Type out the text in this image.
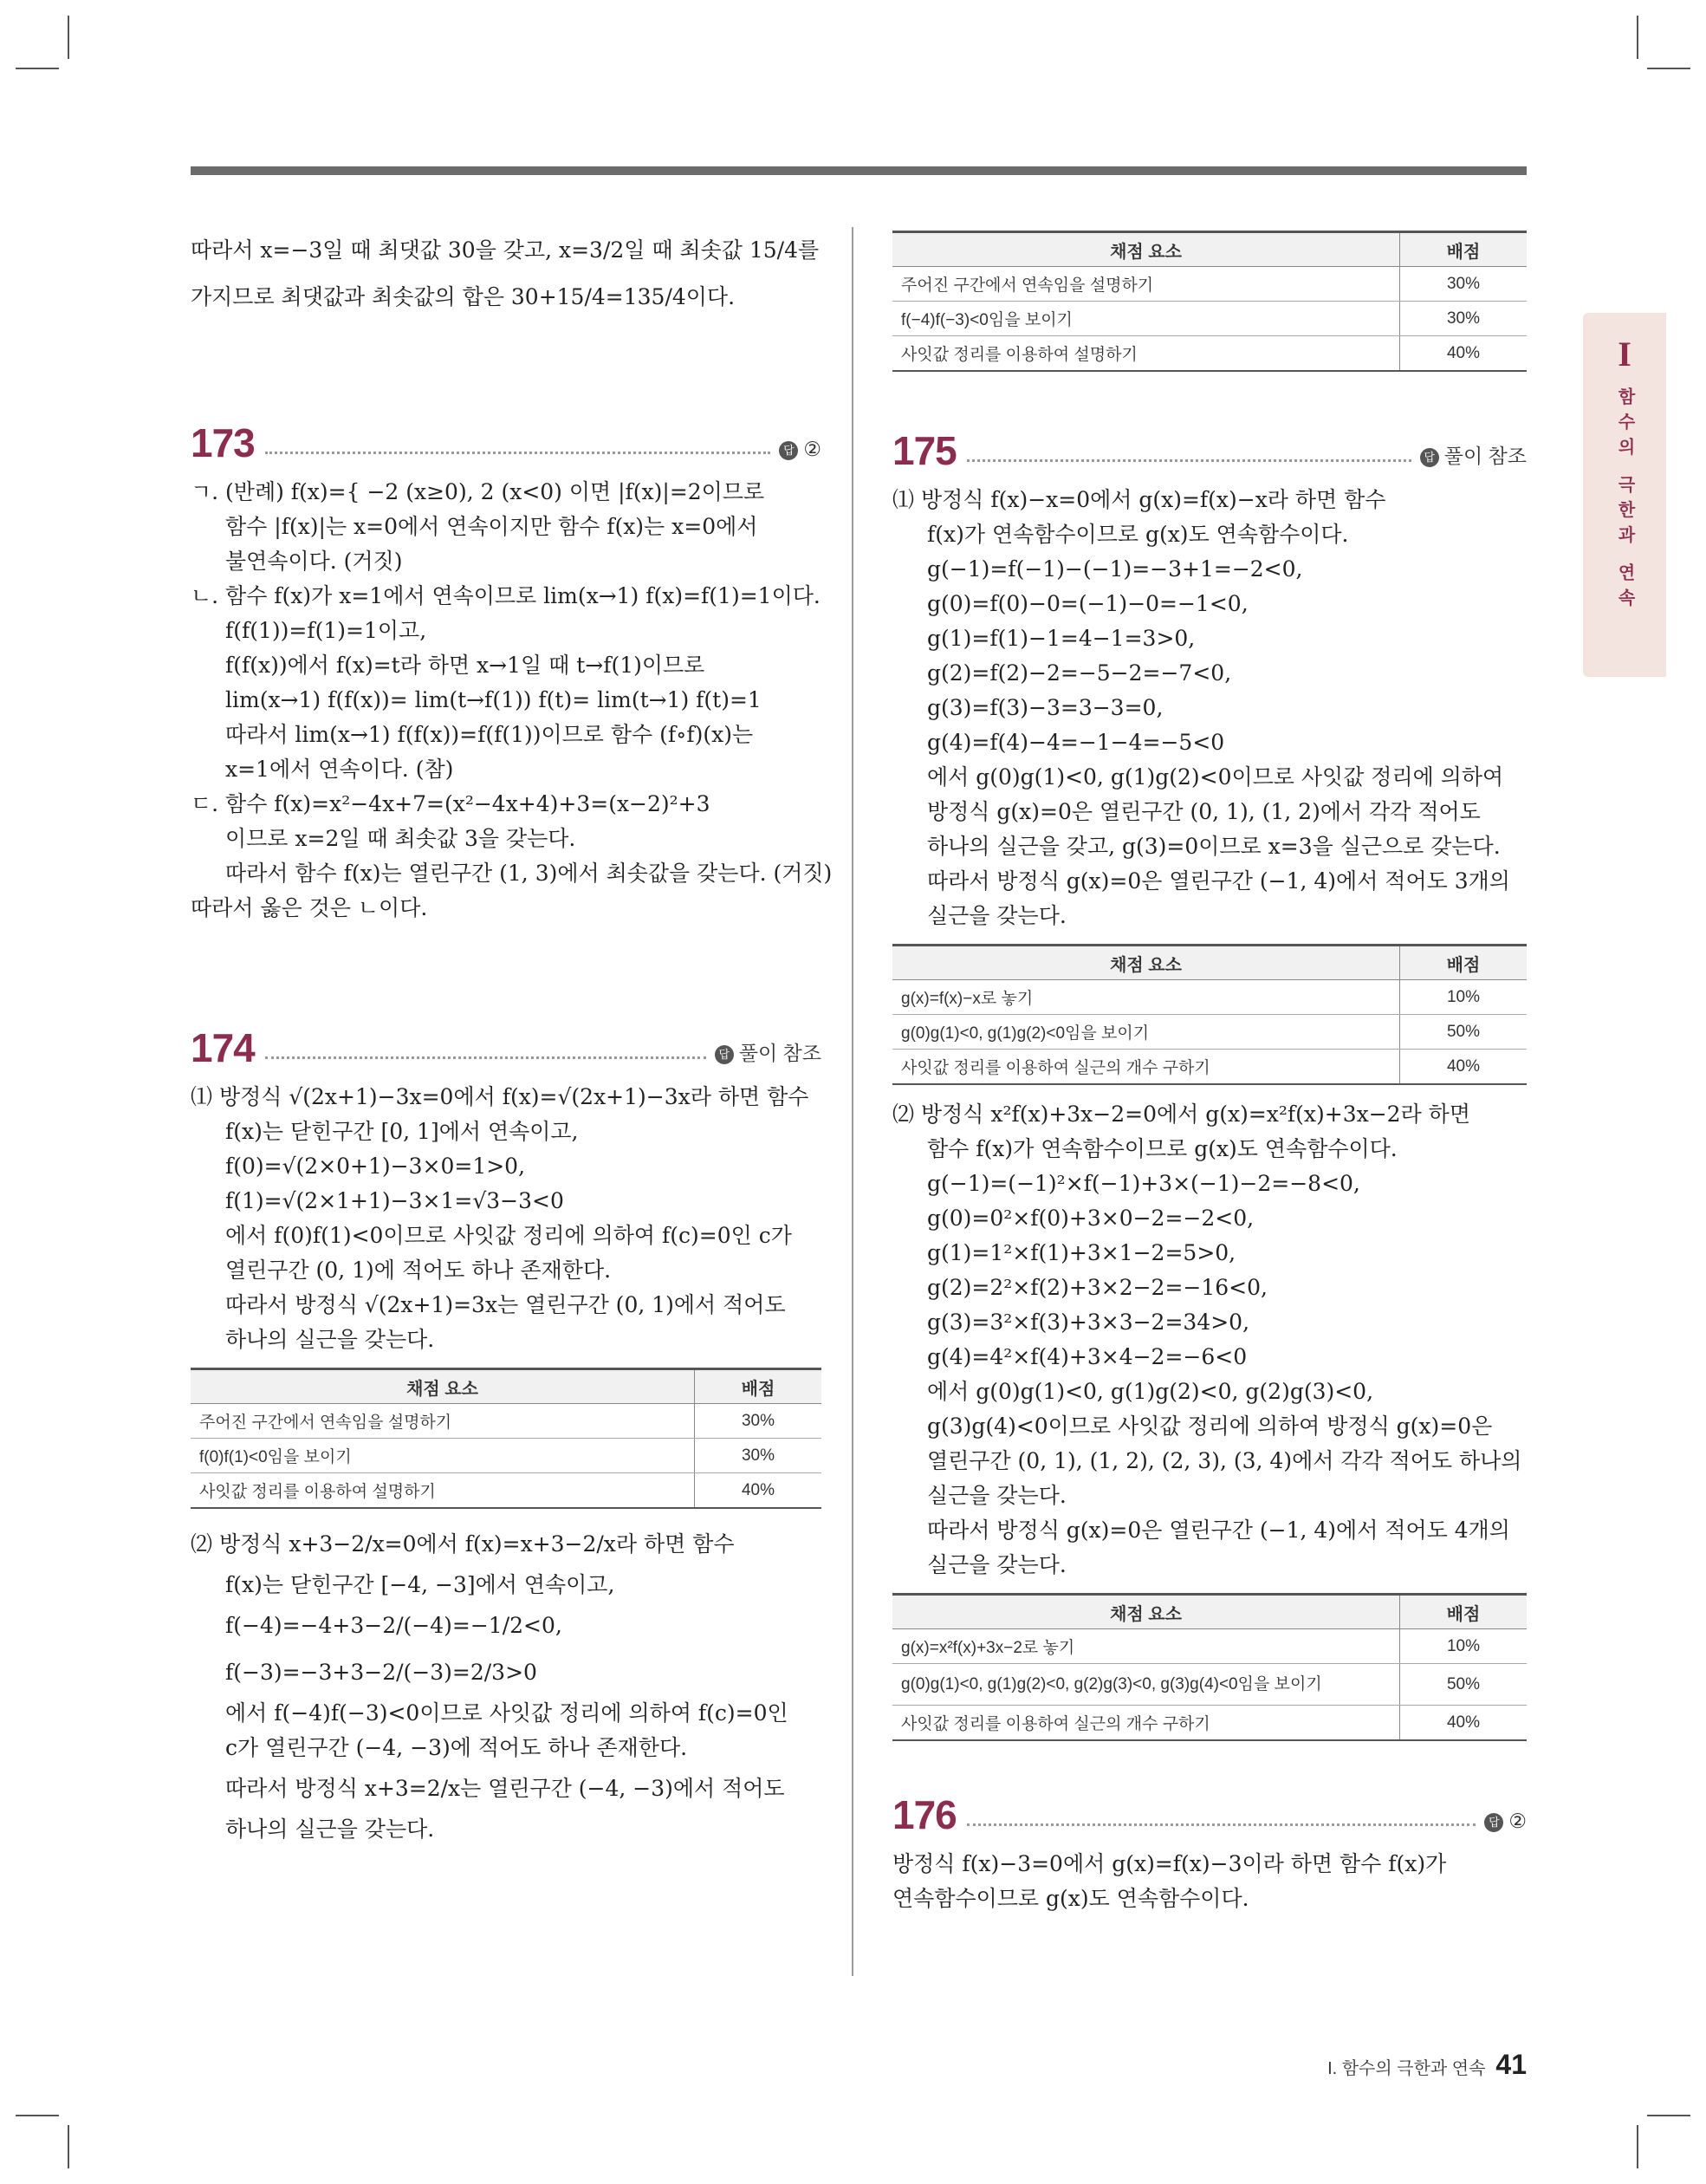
I
함수의 극한과 연속

따라서 x=−3일 때 최댓값 30을 갖고, x=3/2일 때 최솟값 15/4를

가지므로 최댓값과 최솟값의 합은 30+15/4=135/4이다.

173	답 ②

ㄱ. (반례) f(x)={ −2 (x≥0), 2 (x<0) 이면 |f(x)|=2이므로

함수 |f(x)|는 x=0에서 연속이지만 함수 f(x)는 x=0에서

불연속이다. (거짓)

ㄴ. 함수 f(x)가 x=1에서 연속이므로 lim(x→1) f(x)=f(1)=1이다.

f(f(1))=f(1)=1이고,

f(f(x))에서 f(x)=t라 하면 x→1일 때 t→f(1)이므로

lim(x→1) f(f(x))= lim(t→f(1)) f(t)= lim(t→1) f(t)=1

따라서 lim(x→1) f(f(x))=f(f(1))이므로 함수 (f∘f)(x)는

x=1에서 연속이다. (참)

ㄷ. 함수 f(x)=x²−4x+7=(x²−4x+4)+3=(x−2)²+3

이므로 x=2일 때 최솟값 3을 갖는다.

따라서 함수 f(x)는 열린구간 (1, 3)에서 최솟값을 갖는다. (거짓)

따라서 옳은 것은 ㄴ이다.

174	답 풀이 참조

⑴ 방정식 √(2x+1)−3x=0에서 f(x)=√(2x+1)−3x라 하면 함수

f(x)는 닫힌구간 [0, 1]에서 연속이고,

f(0)=√(2×0+1)−3×0=1>0,

f(1)=√(2×1+1)−3×1=√3−3<0

에서 f(0)f(1)<0이므로 사잇값 정리에 의하여 f(c)=0인 c가

열린구간 (0, 1)에 적어도 하나 존재한다.

따라서 방정식 √(2x+1)=3x는 열린구간 (0, 1)에서 적어도

하나의 실근을 갖는다.

채점 요소	배점
주어진 구간에서 연속임을 설명하기	30%
f(0)f(1)<0임을 보이기	30%
사잇값 정리를 이용하여 설명하기	40%

⑵ 방정식 x+3−2/x=0에서 f(x)=x+3−2/x라 하면 함수

f(x)는 닫힌구간 [−4, −3]에서 연속이고,

f(−4)=−4+3−2/(−4)=−1/2<0,

f(−3)=−3+3−2/(−3)=2/3>0

에서 f(−4)f(−3)<0이므로 사잇값 정리에 의하여 f(c)=0인

c가 열린구간 (−4, −3)에 적어도 하나 존재한다.

따라서 방정식 x+3=2/x는 열린구간 (−4, −3)에서 적어도

하나의 실근을 갖는다.

채점 요소	배점
주어진 구간에서 연속임을 설명하기	30%
f(−4)f(−3)<0임을 보이기	30%
사잇값 정리를 이용하여 설명하기	40%
175	답 풀이 참조

⑴ 방정식 f(x)−x=0에서 g(x)=f(x)−x라 하면 함수

f(x)가 연속함수이므로 g(x)도 연속함수이다.

g(−1)=f(−1)−(−1)=−3+1=−2<0,

g(0)=f(0)−0=(−1)−0=−1<0,

g(1)=f(1)−1=4−1=3>0,

g(2)=f(2)−2=−5−2=−7<0,

g(3)=f(3)−3=3−3=0,

g(4)=f(4)−4=−1−4=−5<0

에서 g(0)g(1)<0, g(1)g(2)<0이므로 사잇값 정리에 의하여

방정식 g(x)=0은 열린구간 (0, 1), (1, 2)에서 각각 적어도

하나의 실근을 갖고, g(3)=0이므로 x=3을 실근으로 갖는다.

따라서 방정식 g(x)=0은 열린구간 (−1, 4)에서 적어도 3개의

실근을 갖는다.

채점 요소	배점
g(x)=f(x)−x로 놓기	10%
g(0)g(1)<0, g(1)g(2)<0임을 보이기	50%
사잇값 정리를 이용하여 실근의 개수 구하기	40%

⑵ 방정식 x²f(x)+3x−2=0에서 g(x)=x²f(x)+3x−2라 하면

함수 f(x)가 연속함수이므로 g(x)도 연속함수이다.

g(−1)=(−1)²×f(−1)+3×(−1)−2=−8<0,

g(0)=0²×f(0)+3×0−2=−2<0,

g(1)=1²×f(1)+3×1−2=5>0,

g(2)=2²×f(2)+3×2−2=−16<0,

g(3)=3²×f(3)+3×3−2=34>0,

g(4)=4²×f(4)+3×4−2=−6<0

에서 g(0)g(1)<0, g(1)g(2)<0, g(2)g(3)<0,

g(3)g(4)<0이므로 사잇값 정리에 의하여 방정식 g(x)=0은

열린구간 (0, 1), (1, 2), (2, 3), (3, 4)에서 각각 적어도 하나의

실근을 갖는다.

따라서 방정식 g(x)=0은 열린구간 (−1, 4)에서 적어도 4개의

실근을 갖는다.

채점 요소	배점
g(x)=x²f(x)+3x−2로 놓기	10%
g(0)g(1)<0, g(1)g(2)<0, g(2)g(3)<0, g(3)g(4)<0임을 보이기	50%
사잇값 정리를 이용하여 실근의 개수 구하기	40%
176	답 ②

방정식 f(x)−3=0에서 g(x)=f(x)−3이라 하면 함수 f(x)가

연속함수이므로 g(x)도 연속함수이다.

I. 함수의 극한과 연속 41
